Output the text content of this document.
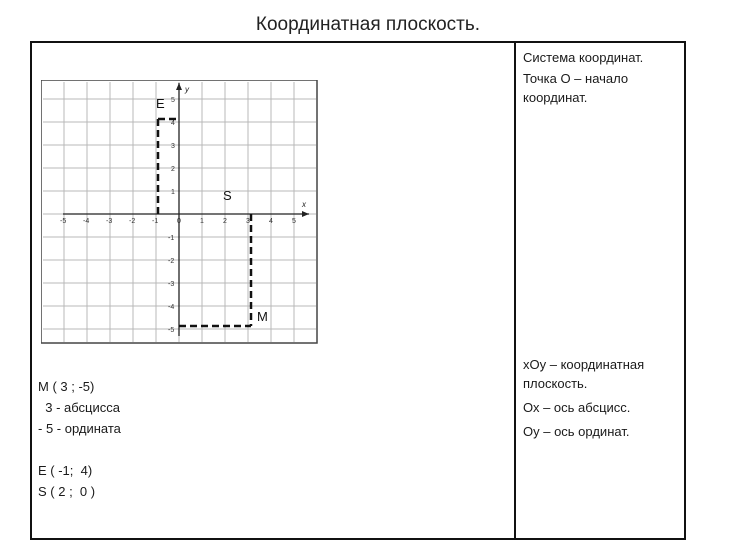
Координатная плоскость.
x
y
-5 -4 -3 -2 -1	0	1	2	3	4	5
1
2
3
4
5
-1
-2
-3
-4
-5
E
S
M
М ( 3 ; -5)
3 - абсцисса
- 5 - ордината
Е ( -1;  4)
S ( 2 ;  0 )

Система координат.

Точка О – начало координат.

хОу – координатная плоскость.

Ох – ось абсцисс.

Оу – ось ординат.
